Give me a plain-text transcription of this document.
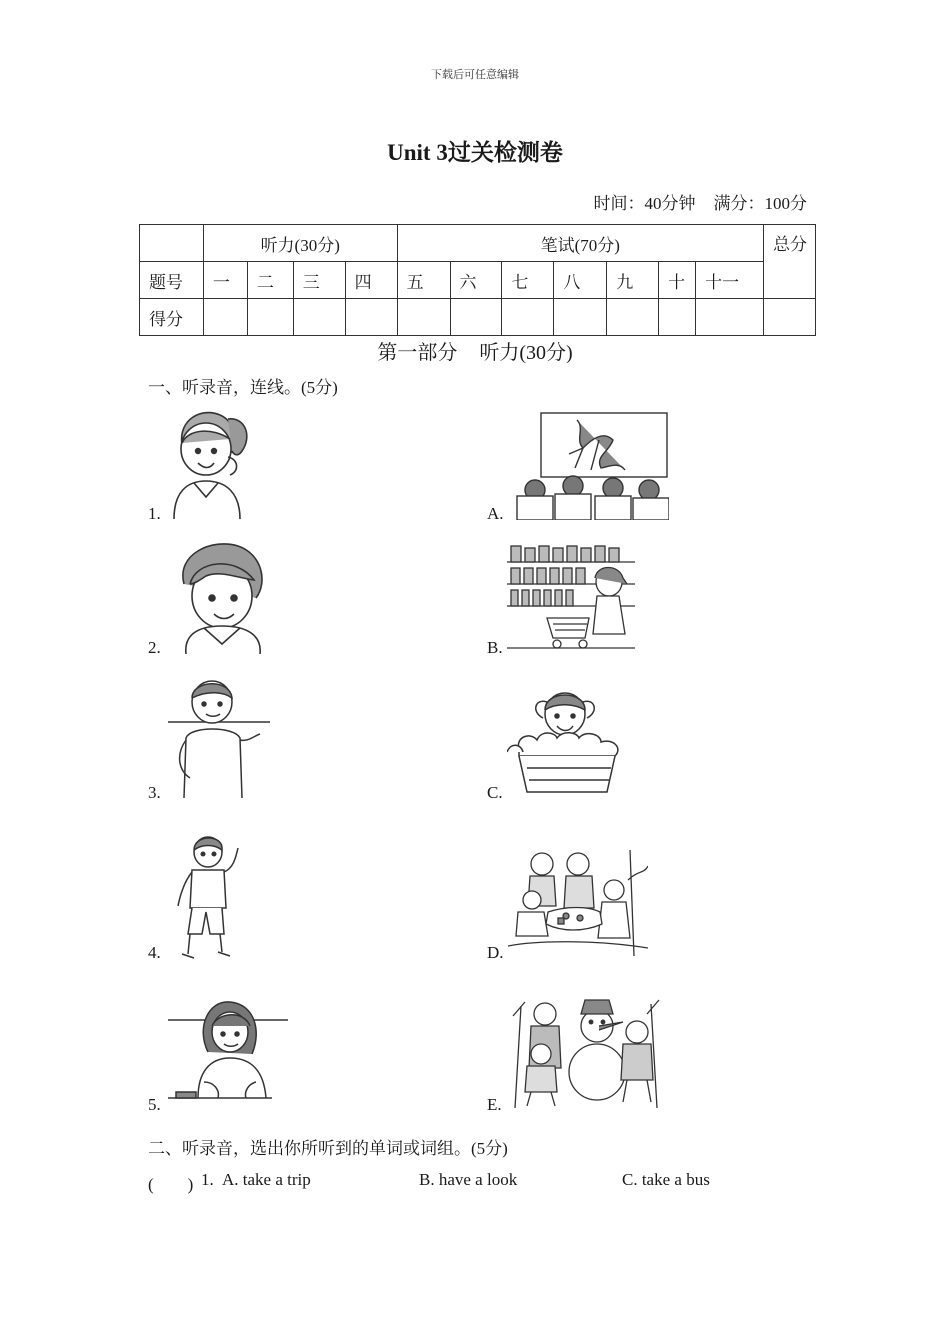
下载后可任意编辑
Unit 3过关检测卷
时间：40分钟 满分：100分
	听力(30分)				笔试(70分)							总分
题号	一	二	三	四	五	六	七	八	九	十	十一	
得分												
第一部分 听力(30分)
一、听录音，连线。(5分)
1.
2.
3.
4.
5.
A.
B.
C.
D.
E.
二、听录音，选出你所听到的单词或词组。(5分)
(　　) 1. A. take a trip	B. have a look	C. take a bus
